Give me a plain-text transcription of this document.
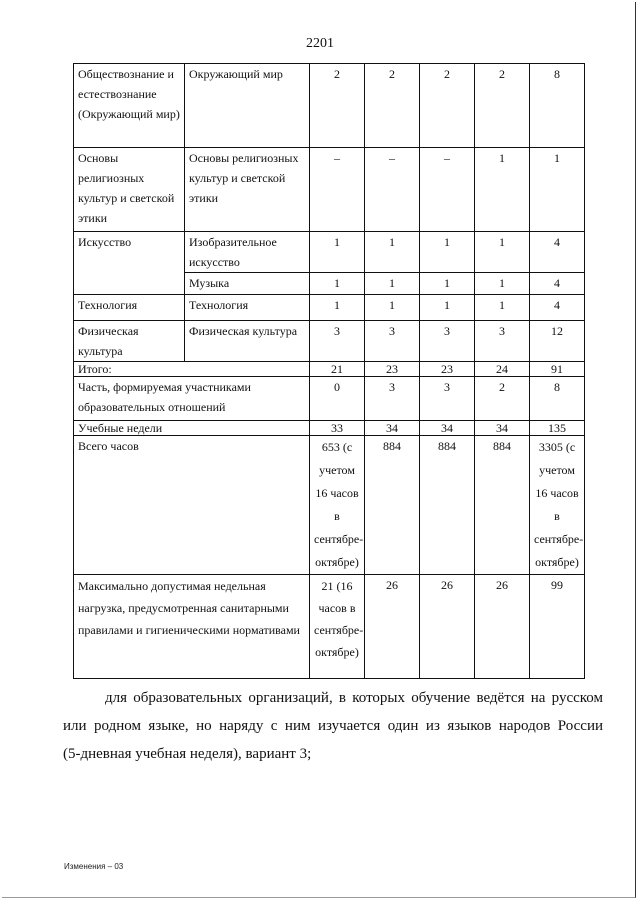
2201
Обществознание и естествознание (Окружающий мир)	Окружающий мир	2	2	2	2	8
Основы религиозных культур и светской этики	Основы религиозных культур и светской этики	–	–	–	1	1
Искусство	Изобразительное искусство	1	1	1	1	4
	Музыка	1	1	1	1	4
Технология	Технология	1	1	1	1	4
Физическая культура	Физическая культура	3	3	3	3	12
Итого:		21	23	23	24	91
Часть, формируемая участниками образовательных отношений		0	3	3	2	8
Учебные недели		33	34	34	34	135
Всего часов		653 (с учетом 16 часов в сентябре-октябре)	884	884	884	3305 (с учетом 16 часов в сентябре-октябре)
Максимально допустимая недельная нагрузка, предусмотренная санитарными правилами и гигиеническими нормативами		21 (16 часов в сентябре-октябре)	26	26	26	99
для образовательных организаций, в которых обучение ведётся на русском
или родном языке, но наряду с ним изучается один из языков народов России
(5-дневная учебная неделя), вариант 3;
Изменения – 03
